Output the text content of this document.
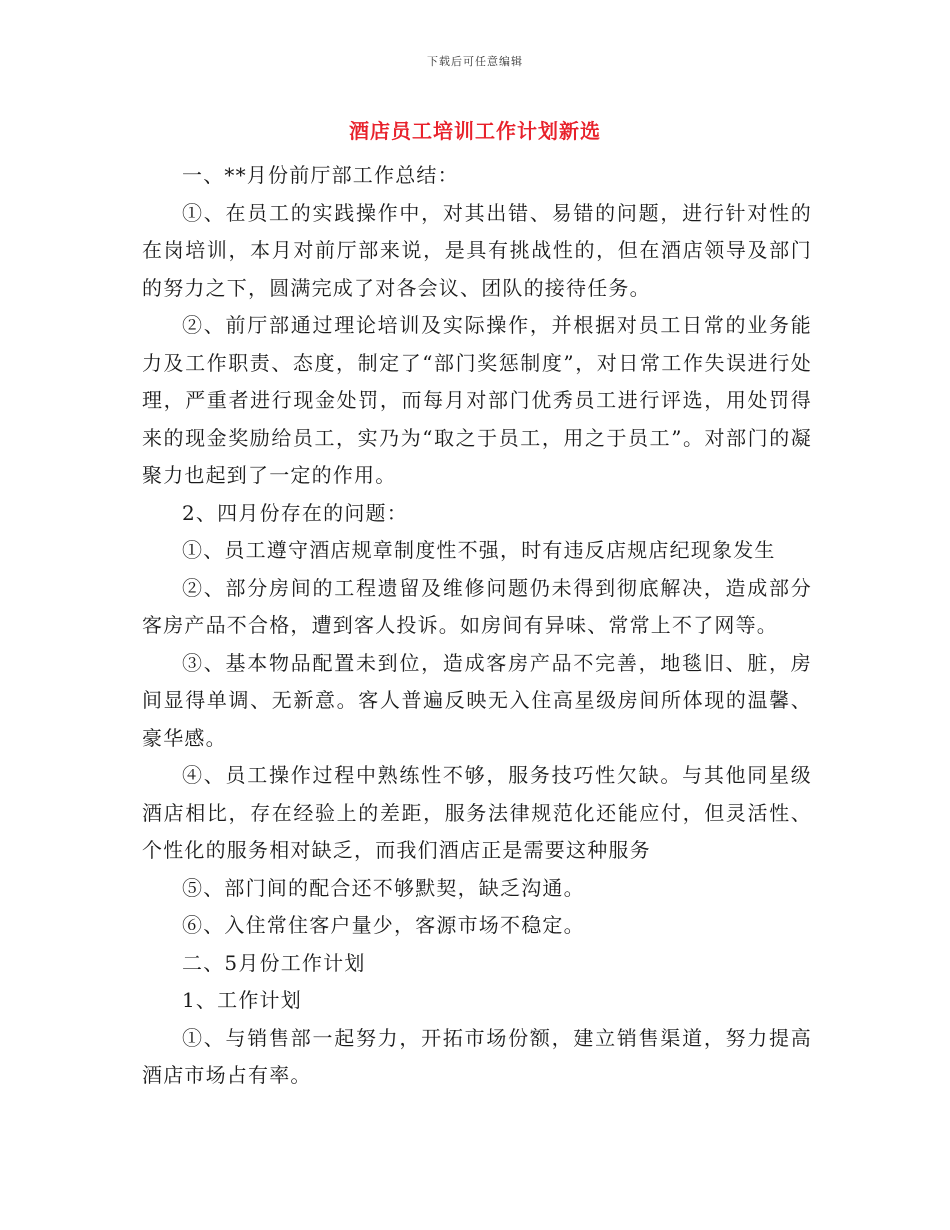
下载后可任意编辑
酒店员工培训工作计划新选

一、**月份前厅部工作总结：

①、在员工的实践操作中，对其出错、易错的问题，进行针对性的在岗培训，本月对前厅部来说，是具有挑战性的，但在酒店领导及部门的努力之下，圆满完成了对各会议、团队的接待任务。

②、前厅部通过理论培训及实际操作，并根据对员工日常的业务能力及工作职责、态度，制定了“部门奖惩制度”，对日常工作失误进行处理，严重者进行现金处罚，而每月对部门优秀员工进行评选，用处罚得来的现金奖励给员工，实乃为“取之于员工，用之于员工”。对部门的凝聚力也起到了一定的作用。

2、四月份存在的问题：

①、员工遵守酒店规章制度性不强，时有违反店规店纪现象发生

②、部分房间的工程遗留及维修问题仍未得到彻底解决，造成部分客房产品不合格，遭到客人投诉。如房间有异味、常常上不了网等。

③、基本物品配置未到位，造成客房产品不完善，地毯旧、脏，房间显得单调、无新意。客人普遍反映无入住高星级房间所体现的温馨、豪华感。

④、员工操作过程中熟练性不够，服务技巧性欠缺。与其他同星级酒店相比，存在经验上的差距，服务法律规范化还能应付，但灵活性、个性化的服务相对缺乏，而我们酒店正是需要这种服务

⑤、部门间的配合还不够默契，缺乏沟通。

⑥、入住常住客户量少，客源市场不稳定。

二、5月份工作计划

1、工作计划

①、与销售部一起努力，开拓市场份额，建立销售渠道，努力提高酒店市场占有率。
